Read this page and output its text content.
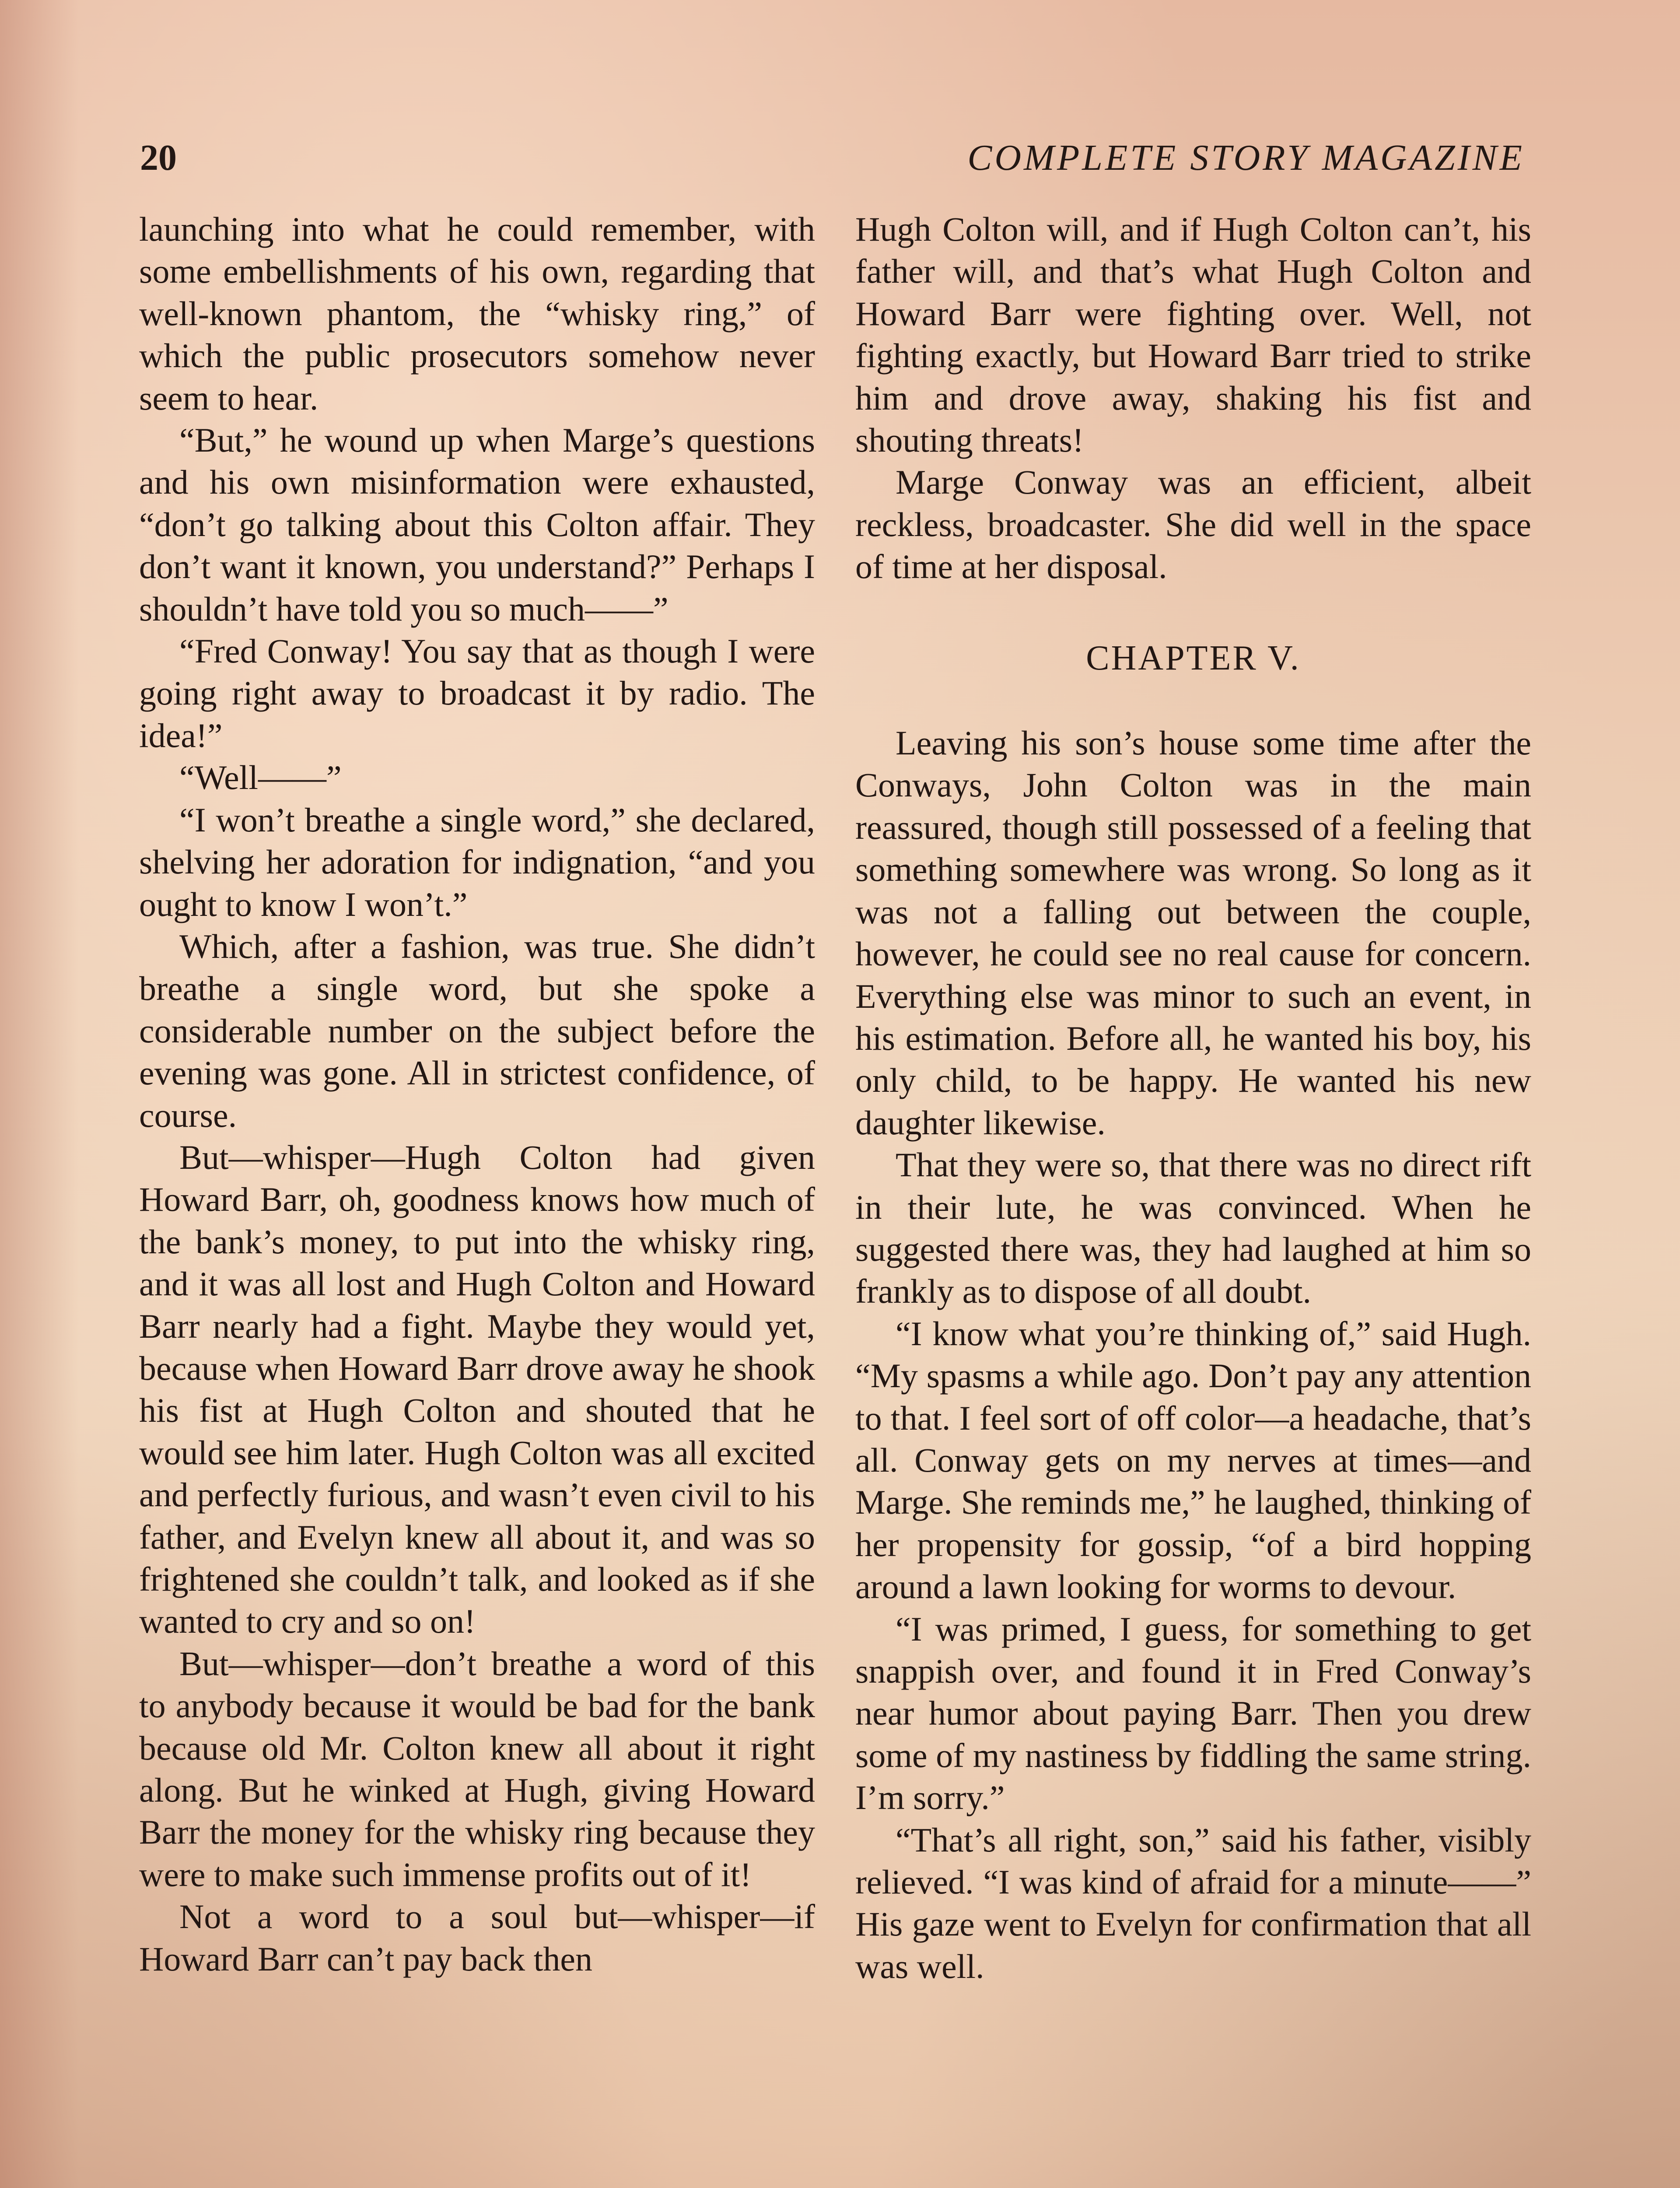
20	COMPLETE STORY MAGAZINE

launching into what he could remember, with some embellishments of his own, regarding that well-known phantom, the “whisky ring,” of which the public prosecutors somehow never seem to hear.

“But,” he wound up when Marge’s questions and his own misinformation were exhausted, “don’t go talking about this Colton affair. They don’t want it known, you understand?” Perhaps I shouldn’t have told you so much——”

“Fred Conway! You say that as though I were going right away to broadcast it by radio. The idea!”

“Well——”

“I won’t breathe a single word,” she declared, shelving her adoration for indignation, “and you ought to know I won’t.”

Which, after a fashion, was true. She didn’t breathe a single word, but she spoke a considerable number on the subject before the evening was gone. All in strictest confidence, of course.

But—whisper—Hugh Colton had given Howard Barr, oh, goodness knows how much of the bank’s money, to put into the whisky ring, and it was all lost and Hugh Colton and Howard Barr nearly had a fight. Maybe they would yet, because when Howard Barr drove away he shook his fist at Hugh Colton and shouted that he would see him later. Hugh Colton was all excited and perfectly furious, and wasn’t even civil to his father, and Evelyn knew all about it, and was so frightened she couldn’t talk, and looked as if she wanted to cry and so on!

But—whisper—don’t breathe a word of this to anybody because it would be bad for the bank because old Mr. Colton knew all about it right along. But he winked at Hugh, giving Howard Barr the money for the whisky ring because they were to make such immense profits out of it!

Not a word to a soul but—whisper—if Howard Barr can’t pay back then

Hugh Colton will, and if Hugh Colton can’t, his father will, and that’s what Hugh Colton and Howard Barr were fighting over. Well, not fighting exactly, but Howard Barr tried to strike him and drove away, shaking his fist and shouting threats!

Marge Conway was an efficient, albeit reckless, broadcaster. She did well in the space of time at her disposal.

CHAPTER V.

Leaving his son’s house some time after the Conways, John Colton was in the main reassured, though still possessed of a feeling that something somewhere was wrong. So long as it was not a falling out between the couple, however, he could see no real cause for concern. Everything else was minor to such an event, in his estimation. Before all, he wanted his boy, his only child, to be happy. He wanted his new daughter likewise.

That they were so, that there was no direct rift in their lute, he was convinced. When he suggested there was, they had laughed at him so frankly as to dispose of all doubt.

“I know what you’re thinking of,” said Hugh. “My spasms a while ago. Don’t pay any attention to that. I feel sort of off color—a headache, that’s all. Conway gets on my nerves at times—and Marge. She reminds me,” he laughed, thinking of her propensity for gossip, “of a bird hopping around a lawn looking for worms to devour.

“I was primed, I guess, for something to get snappish over, and found it in Fred Conway’s near humor about paying Barr. Then you drew some of my nastiness by fiddling the same string. I’m sorry.”

“That’s all right, son,” said his father, visibly relieved. “I was kind of afraid for a minute——” His gaze went to Evelyn for confirmation that all was well.
